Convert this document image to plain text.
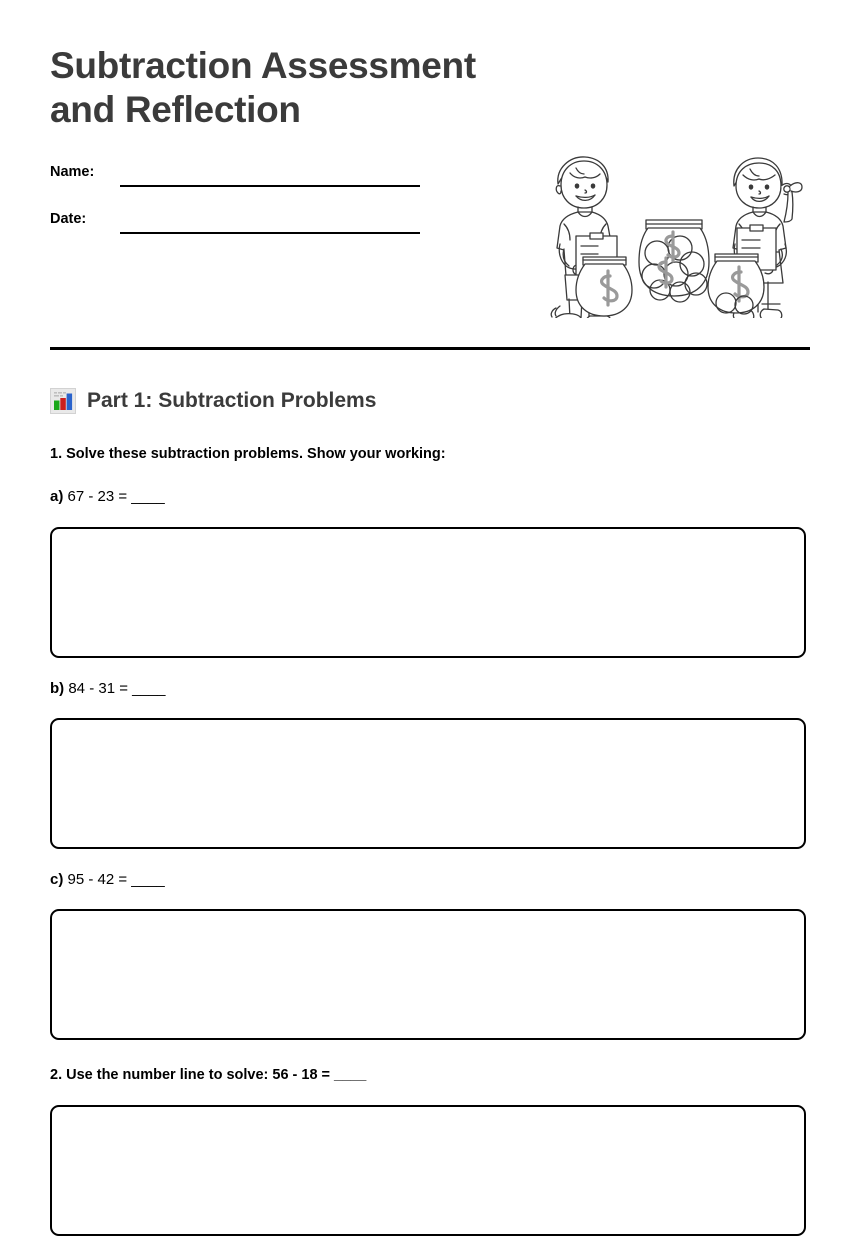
Subtraction Assessment
and Reflection
Name:
Date:
Part 1: Subtraction Problems
1. Solve these subtraction problems. Show your working:
a) 67 - 23 = ____
b) 84 - 31 = ____
c) 95 - 42 = ____
2. Use the number line to solve: 56 - 18 = ____
